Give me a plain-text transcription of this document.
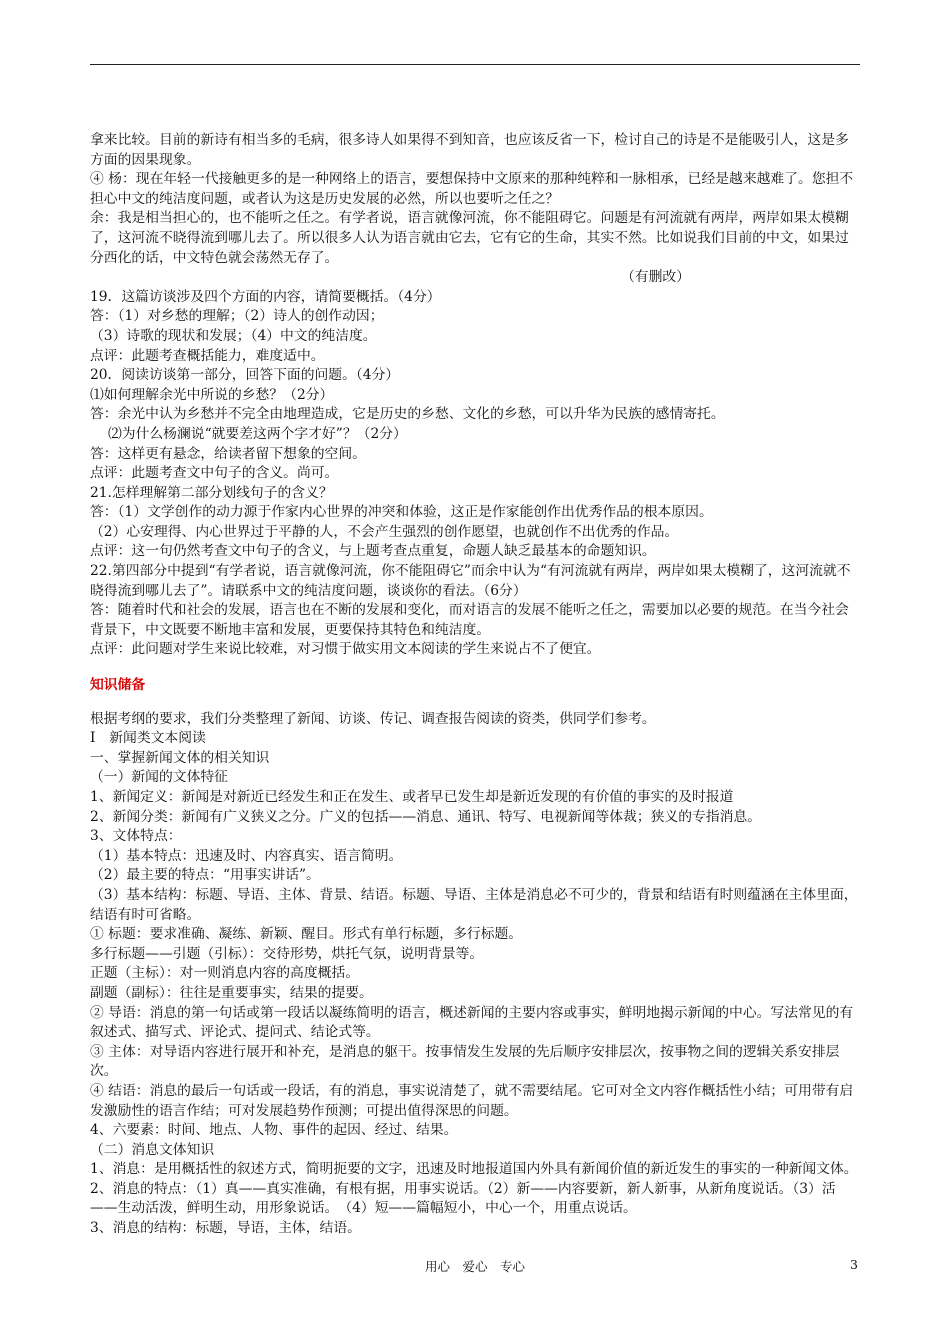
拿来比较。目前的新诗有相当多的毛病，很多诗人如果得不到知音，也应该反省一下，检讨自己的诗是不是能吸引人，这是多方面的因果现象。

④ 杨：现在年轻一代接触更多的是一种网络上的语言，要想保持中文原来的那种纯粹和一脉相承，已经是越来越难了。您担不担心中文的纯洁度问题，或者认为这是历史发展的必然，所以也要听之任之？

余：我是相当担心的，也不能听之任之。有学者说，语言就像河流，你不能阻碍它。问题是有河流就有两岸，两岸如果太模糊了，这河流不晓得流到哪儿去了。所以很多人认为语言就由它去，它有它的生命，其实不然。比如说我们目前的中文，如果过分西化的话，中文特色就会荡然无存了。

（有删改）

19．这篇访谈涉及四个方面的内容，请简要概括。（4分）

答：（1）对乡愁的理解；（2）诗人的创作动因；

（3）诗歌的现状和发展；（4）中文的纯洁度。

点评：此题考查概括能力，难度适中。

20．阅读访谈第一部分，回答下面的问题。（4分）

⑴如何理解余光中所说的乡愁？（2分）

答：余光中认为乡愁并不完全由地理造成，它是历史的乡愁、文化的乡愁，可以升华为民族的感情寄托。

⑵为什么杨澜说“就要差这两个字才好”？（2分）

答：这样更有悬念，给读者留下想象的空间。

点评：此题考查文中句子的含义。尚可。

21.怎样理解第二部分划线句子的含义？

答：（1）文学创作的动力源于作家内心世界的冲突和体验，这正是作家能创作出优秀作品的根本原因。

（2）心安理得、内心世界过于平静的人，不会产生强烈的创作愿望，也就创作不出优秀的作品。

点评：这一句仍然考查文中句子的含义，与上题考查点重复，命题人缺乏最基本的命题知识。

22.第四部分中提到“有学者说，语言就像河流，你不能阻碍它”而余中认为“有河流就有两岸，两岸如果太模糊了，这河流就不晓得流到哪儿去了”。请联系中文的纯洁度问题，谈谈你的看法。（6分）

答：随着时代和社会的发展，语言也在不断的发展和变化，而对语言的发展不能听之任之，需要加以必要的规范。在当今社会背景下，中文既要不断地丰富和发展，更要保持其特色和纯洁度。

点评：此问题对学生来说比较难，对习惯于做实用文本阅读的学生来说占不了便宜。

知识储备

根据考纲的要求，我们分类整理了新闻、访谈、传记、调查报告阅读的资类，供同学们参考。

Ⅰ　新闻类文本阅读

一、掌握新闻文体的相关知识

（一）新闻的文体特征

1、新闻定义：新闻是对新近已经发生和正在发生、或者早已发生却是新近发现的有价值的事实的及时报道

2、新闻分类：新闻有广义狭义之分。广义的包括——消息、通讯、特写、电视新闻等体裁；狭义的专指消息。

3、文体特点：

（1）基本特点：迅速及时、内容真实、语言简明。

（2）最主要的特点：“用事实讲话”。

（3）基本结构：标题、导语、主体、背景、结语。标题、导语、主体是消息必不可少的，背景和结语有时则蕴涵在主体里面，结语有时可省略。

① 标题：要求准确、凝练、新颖、醒目。形式有单行标题，多行标题。

多行标题——引题（引标）：交待形势，烘托气氛，说明背景等。

正题（主标）：对一则消息内容的高度概括。

副题（副标）：往往是重要事实，结果的提要。

② 导语：消息的第一句话或第一段话以凝练简明的语言，概述新闻的主要内容或事实，鲜明地揭示新闻的中心。写法常见的有叙述式、描写式、评论式、提问式、结论式等。

③ 主体：对导语内容进行展开和补充，是消息的躯干。按事情发生发展的先后顺序安排层次，按事物之间的逻辑关系安排层次。

④ 结语：消息的最后一句话或一段话，有的消息，事实说清楚了，就不需要结尾。它可对全文内容作概括性小结；可用带有启发激励性的语言作结；可对发展趋势作预测；可提出值得深思的问题。

4、六要素：时间、地点、人物、事件的起因、经过、结果。

（二）消息文体知识

1、消息：是用概括性的叙述方式，简明扼要的文字，迅速及时地报道国内外具有新闻价值的新近发生的事实的一种新闻文体。

2、消息的特点：（1）真——真实准确，有根有据，用事实说话。（2）新——内容要新，新人新事，从新角度说话。（3）活——生动活泼，鲜明生动，用形象说话。　（4）短——篇幅短小，中心一个，用重点说话。

3、消息的结构：标题，导语，主体，结语。

用心　爱心　专心	3
